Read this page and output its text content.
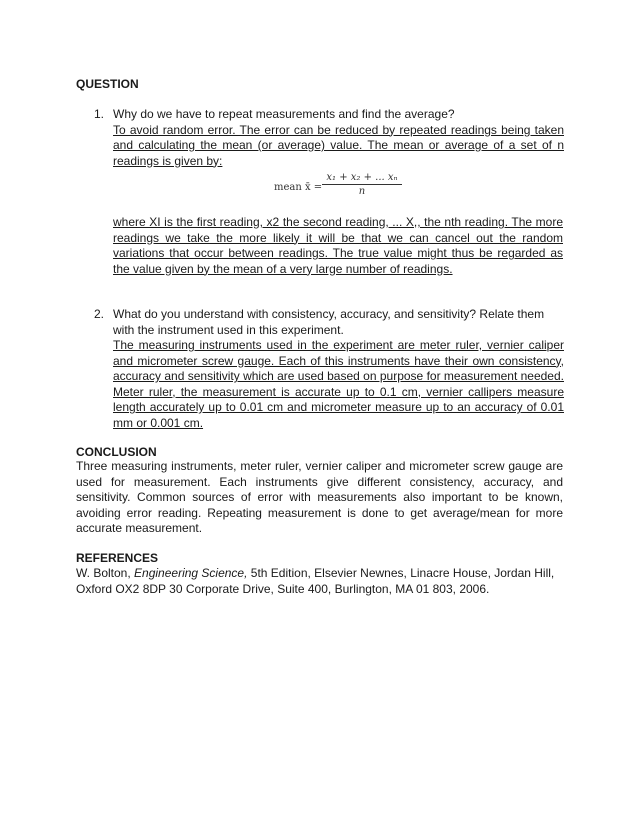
QUESTION
1. Why do we have to repeat measurements and find the average?
To avoid random error. The error can be reduced by repeated readings being taken and calculating the mean (or average) value. The mean or average of a set of n readings is given by:
mean x̄ = $\frac{\text{x₁ + x₂ + ... xₙ}}{n}$
where XI is the first reading, x2 the second reading, ... X,, the nth reading. The more readings we take the more likely it will be that we can cancel out the random variations that occur between readings. The true value might thus be regarded as the value given by the mean of a very large number of readings.
2. What do you understand with consistency, accuracy, and sensitivity? Relate them with the instrument used in this experiment.
The measuring instruments used in the experiment are meter ruler, vernier caliper and micrometer screw gauge. Each of this instruments have their own consistency, accuracy and sensitivity which are used based on purpose for measurement needed. Meter ruler, the measurement is accurate up to 0.1 cm, vernier callipers measure length accurately up to 0.01 cm and micrometer measure up to an accuracy of 0.01 mm or 0.001 cm.
CONCLUSION
Three measuring instruments, meter ruler, vernier caliper and micrometer screw gauge are used for measurement. Each instruments give different consistency, accuracy, and sensitivity. Common sources of error with measurements also important to be known, avoiding error reading. Repeating measurement is done to get average/mean for more accurate measurement.
REFERENCES
W. Bolton, Engineering Science, 5th Edition, Elsevier Newnes, Linacre House, Jordan Hill, Oxford OX2 8DP 30 Corporate Drive, Suite 400, Burlington, MA 01 803, 2006.
